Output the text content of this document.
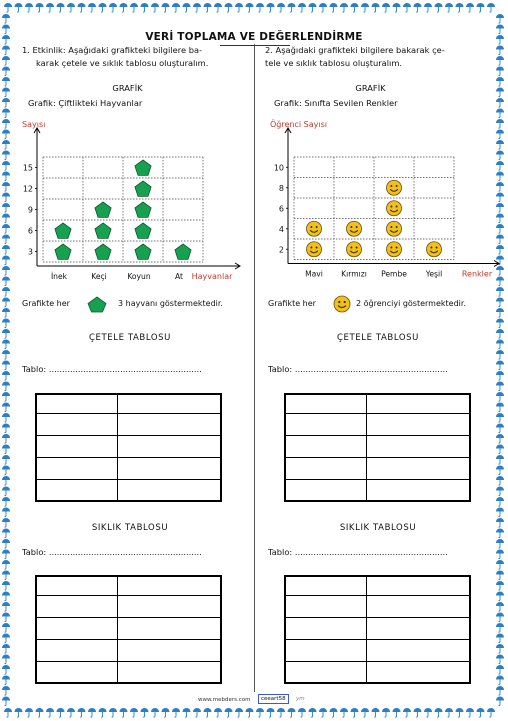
VERİ TOPLAMA VE DEĞERLENDİRME
1. Etkinlik: Aşağıdaki grafikteki bilgilere ba-
karak çetele ve sıklık tablosu oluşturalım.
GRAFİK
Grafik: Çiftlikteki Hayvanlar
Sayısı
3
6
9
12
15
İnek	Keçi	Koyun	At Hayvanlar
Grafikte her	3 hayvanı göstermektedir.
ÇETELE TABLOSU
Tablo: ..........................................................

SIKLIK TABLOSU
Tablo: ..........................................................

2. Aşağıdaki grafikteki bilgilere bakarak çe-
tele ve sıklık tablosu oluşturalım.
GRAFİK
Grafik: Sınıfta Sevilen Renkler
Öğrenci Sayısı
2
4
6
8
10
Mavi Kırmızı Pembe Yeşil Renkler
Grafikte her	2 öğrenciyi göstermektedir.
ÇETELE TABLOSU
Tablo: ..........................................................

SIKLIK TABLOSU
Tablo: ..........................................................

www.mebders.com	ceeart58	ym
